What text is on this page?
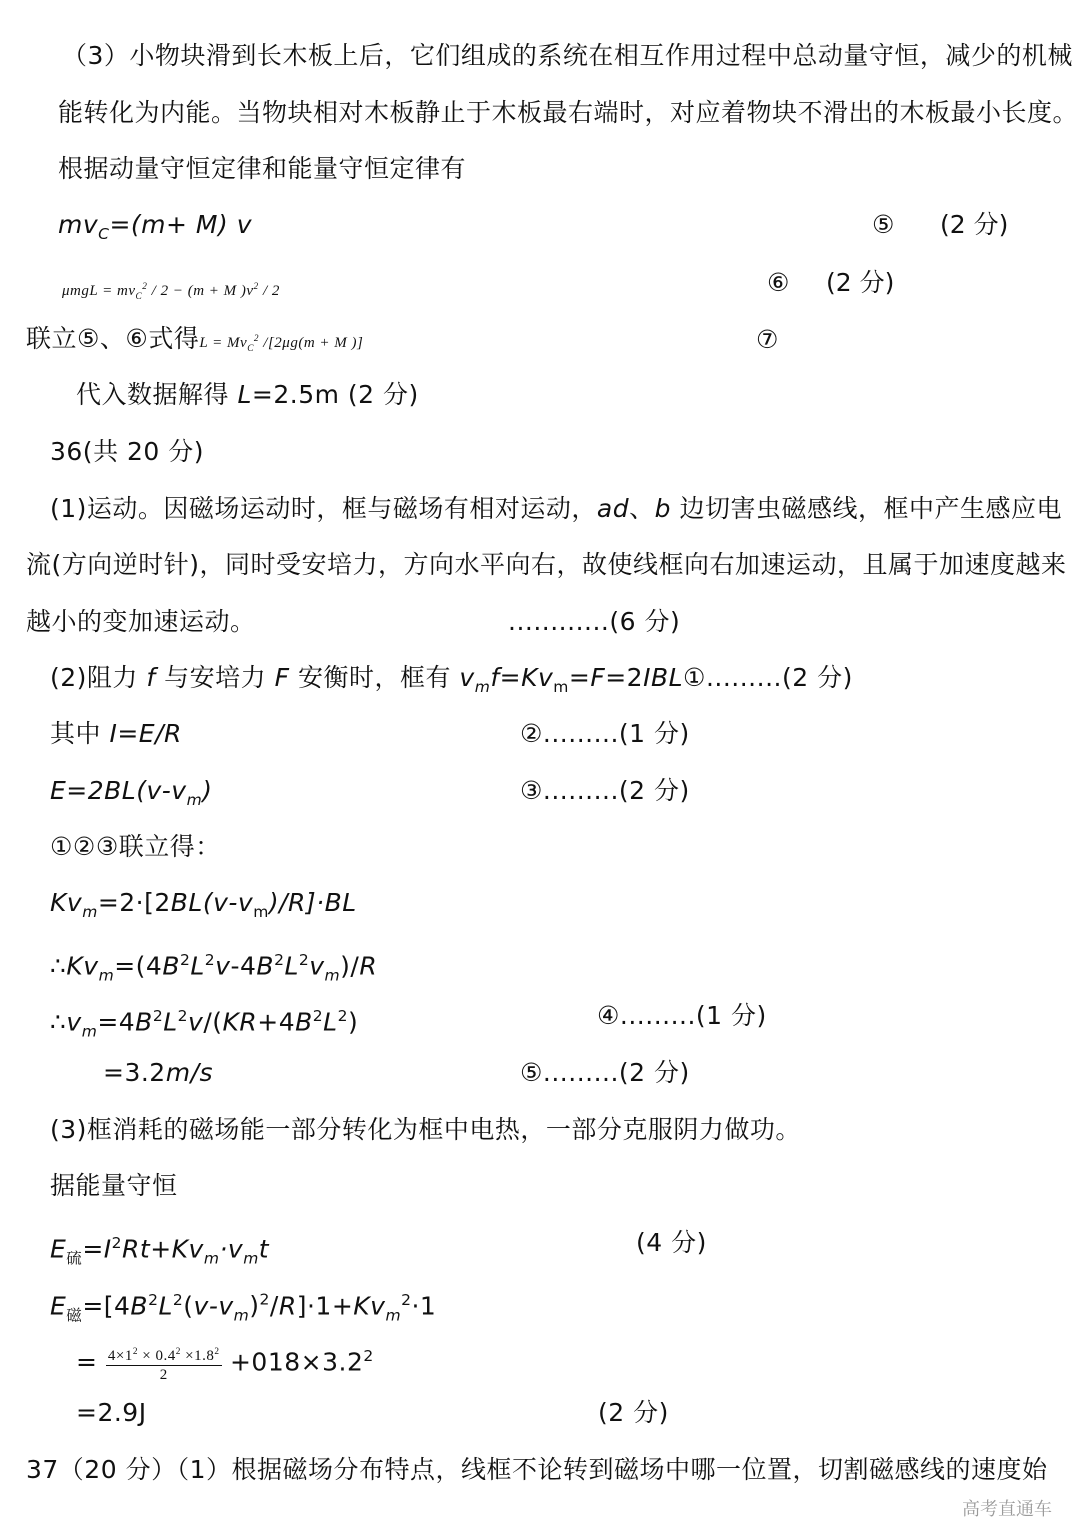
（3）小物块滑到长木板上后，它们组成的系统在相互作用过程中总动量守恒，减少的机械
能转化为内能。当物块相对木板静止于木板最右端时，对应着物块不滑出的木板最小长度。
根据动量守恒定律和能量守恒定律有
$mv_C=(m+ M)$ v	⑤ (2 分)
$\mu mgL = mv_C^2 / 2 - (m + M$ )$v^2 / 2$	⑥ (2 分)
联立⑤、⑥式得$L = Mv_C^2$ /[2μg(m + M )]	⑦
代入数据解得 L=2.5m (2 分)
36(共 20 分)
(1)运动。因磁场运动时，框与磁场有相对运动，ad、b 边切害虫磁感线，框中产生感应电
流(方向逆时针)，同时受安培力，方向水平向右，故使线框向右加速运动，且属于加速度越来
越小的变加速运动。	............(6 分)
(2)阻力 f 与安培力 F 安衡时，框有 $v_mf=Kv_m=F=2IBL①.........(2$ 分)
其中 I=E/R	②.........(1 分)
$E=2BL(v-v_m)$	③.........(2 分)
①②③联立得：
$Kv_m=2\cdot[2BL(v-v_m)/R]\cdot BL$
$\therefore Kv_m=(4B^2L^2v-4B^2L^2v_m)/R$
$\therefore v_m=4B^2L^2v/(KR+4B^2L^2)$	④.........(1 分)
=3.2m/s	⑤.........(2 分)
(3)框消耗的磁场能一部分转化为框中电热，一部分克服阴力做功。
据能量守恒
$E_硫=I^2Rt+Kv_m\cdot v_mt$	(4 分)
$E_磁=[4B^2L^2(v-v_m)^2/R]\cdot 1+Kv_m^2\cdot 1$
= $\frac{4\times 1^2 \times 0.4^2 \times 1.8^2}{2} +018\times 3.2^2$
=2.9J	(2 分)
37（20 分）（1）根据磁场分布特点，线框不论转到磁场中哪一位置，切割磁感线的速度始
高考直通车
